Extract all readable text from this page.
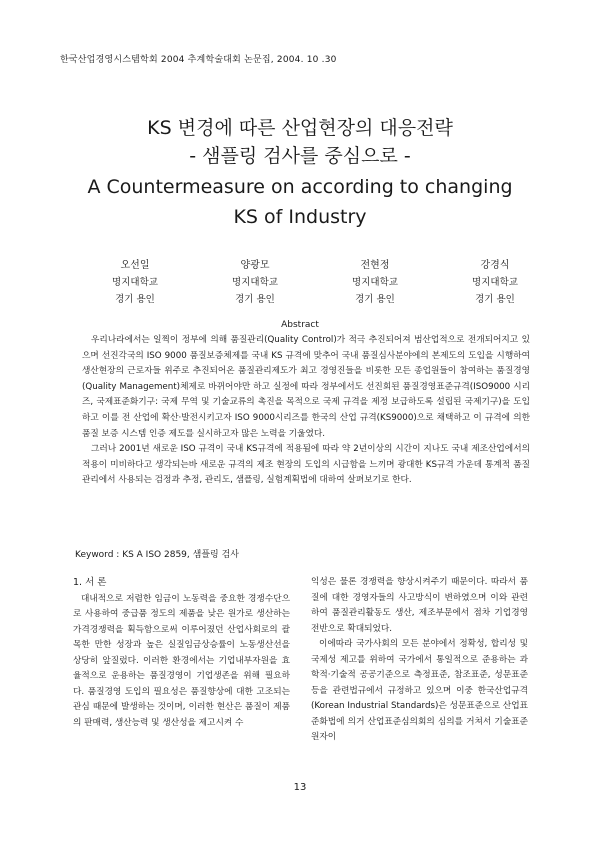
한국산업경영시스템학회 2004 추계학술대회 논문집, 2004. 10 .30
KS 변경에 따른 산업현장의 대응전략
- 샘플링 검사를 중심으로 -
A Countermeasure on according to changing
KS of Industry
오선일
명지대학교
경기 용인
양광모
명지대학교
경기 용인
전현정
명지대학교
경기 용인
강경식
명지대학교
경기 용인
Abstract

우리나라에서는 일찍이 정부에 의해 품질관리(Quality Control)가 적극 추진되어져 범산업적으로 전개되어지고 있으며 선진각국의 ISO 9000 품질보증체제를 국내 KS 규격에 맞추어 국내 품질심사분야에의 본제도의 도입을 시행하여 생산현장의 근로자들 위주로 추진되어온 품질관리제도가 최고 경영진들을 비롯한 모든 종업원들이 참여하는 품질경영(Quality Management)체제로 바뀌어야만 하고 실정에 따라 정부에서도 선진회된 품질경영표준규격(ISO9000 시리즈, 국제표준화기구: 국제 무역 및 기술교류의 촉진을 목적으로 국제 규격을 제정 보급하도록 설립된 국제기구)을 도입하고 이를 전 산업에 확산·발전시키고자 ISO 9000시리즈를 한국의 산업 규격(KS9000)으로 채택하고 이 규격에 의한 품질 보증 시스템 인증 제도를 실시하고자 많은 노력을 기울였다.

그러나 2001년 새로운 ISO 규격이 국내 KS규격에 적용됨에 따라 약 2년이상의 시간이 지나도 국내 제조산업에서의 적용이 미비하다고 생각되는바 새로운 규격의 제조 현장의 도입의 시급함을 느끼며 광대한 KS규격 가운데 통계적 품질관리에서 사용되는 검정과 추정, 관리도, 샘플링, 실험계획법에 대하여 살펴보기로 한다.

Keyword : KS A ISO 2859, 샘플링 검사
1. 서 론

대내적으로 저렴한 임금이 노동력을 중요한 경쟁수단으로 사용하여 중급품 정도의 제품을 낮은 원가로 생산하는 가격경쟁력을 획득함으로써 이루어졌던 산업사회로의 괄목한 만한 성장과 높은 실질임금상승률이 노동생산선을 상당히 앞질렀다. 이러한 환경에서는 기업내부자원을 효율적으로 운용하는 품질경영이 기업생존을 위해 필요하다. 품질경영 도입의 필요성은 품질향상에 대한 고조되는 관심 때문에 발생하는 것이며, 이러한 현산은 품질이 제품의 판매력, 생산능력 및 생산성을 제고시켜 수

익성은 물론 경쟁력을 향상시켜주기 때문이다. 따라서 품질에 대한 경영자들의 사고방식이 변하였으며 이와 관련하여 품질관리활동도 생산, 제조부문에서 점차 기업경영 전반으로 확대되었다.

이에따라 국가사회의 모든 분야에서 정확성, 합리성 및 국제성 제고를 위하여 국가에서 통일적으로 준용하는 과학적·기술적 공공기준으로 측정표준, 참조표준, 성문표준등을 관련법규에서 규정하고 있으며 이중 한국산업규격(Korean Industrial Standards)은 성문표준으로 산업표준화법에 의거 산업표준심의회의 심의를 거쳐서 기술표준원자이

13
